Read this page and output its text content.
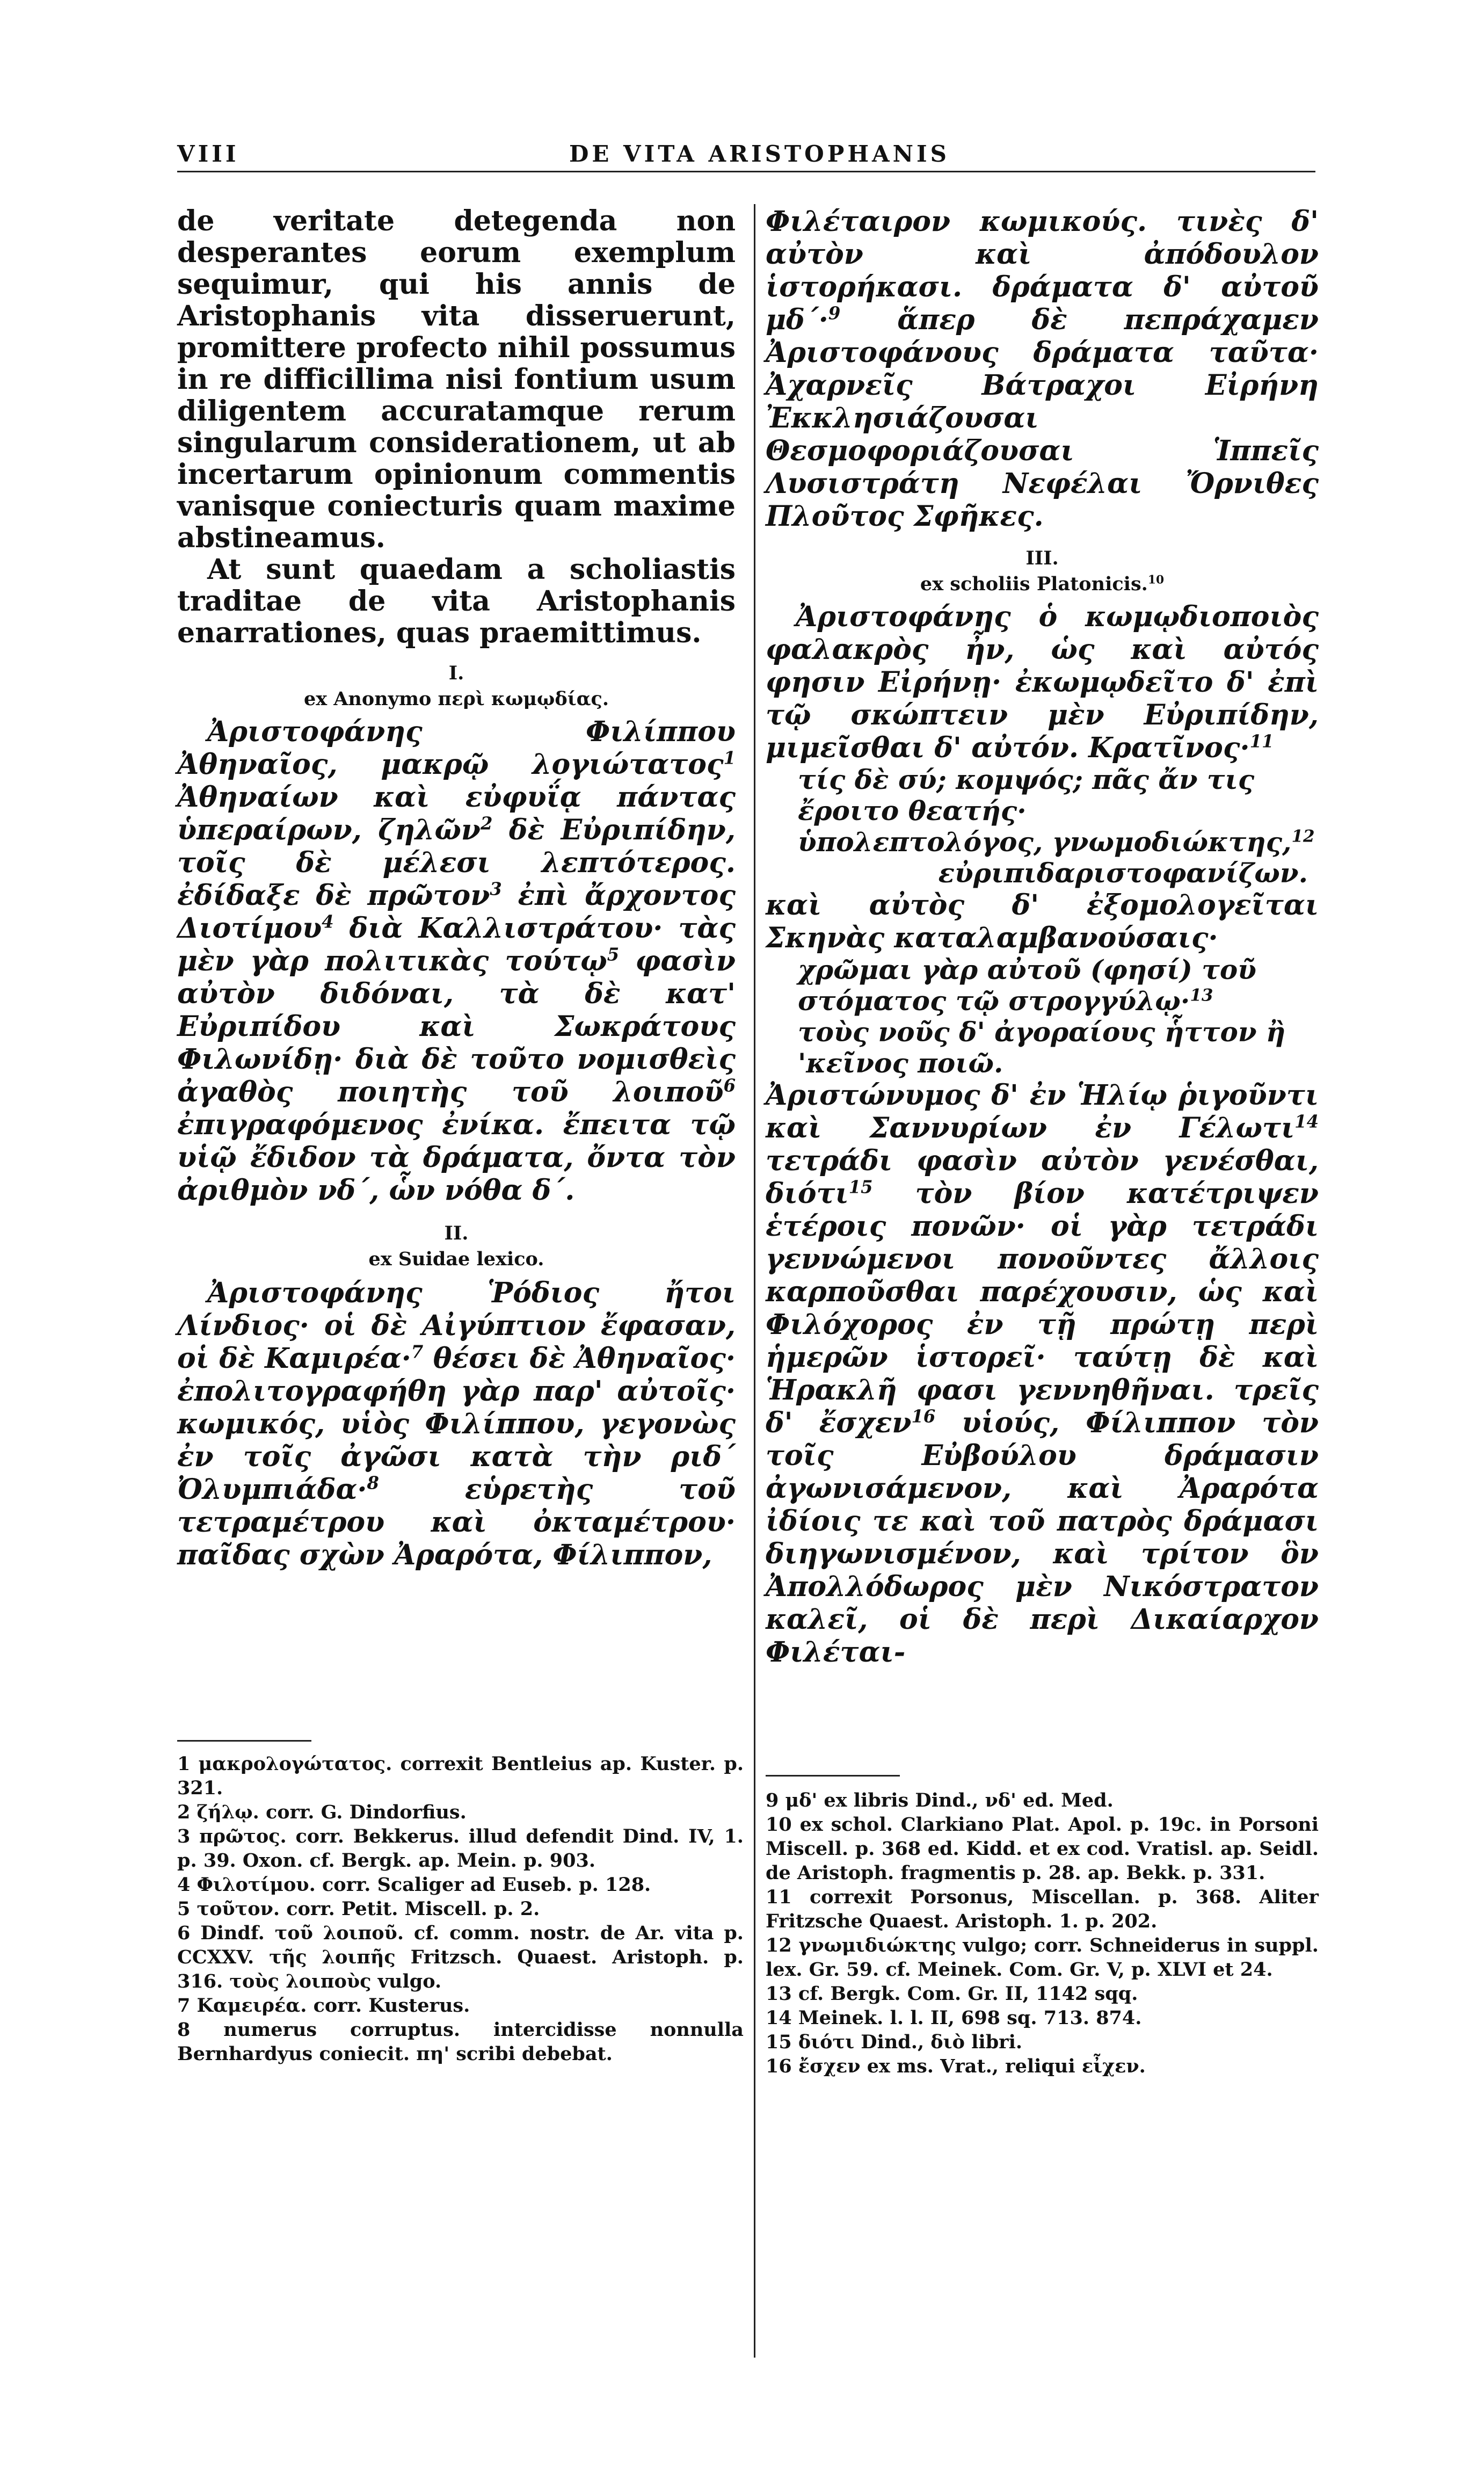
VIII	DE VITA ARISTOPHANIS

de veritate detegenda non desperantes eorum exemplum sequimur, qui his annis de Aristophanis vita disseruerunt, promittere profecto nihil possumus in re difficillima nisi fontium usum diligentem accuratamque rerum singularum considerationem, ut ab incertarum opinionum commentis vanisque coniecturis quam maxime abstineamus.

At sunt quaedam a scholiastis traditae de vita Aristophanis enarrationes, quas praemittimus.

I.

ex Anonymo περὶ κωμῳδίας.

Ἀριστοφάνης Φιλίππου Ἀθηναῖος, μακρῷ λογιώτατος$^1$ Ἀθηναίων καὶ εὐφυΐᾳ πάντας ὑπεραίρων, ζηλῶν$^2$ δὲ Εὐριπίδην, τοῖς δὲ μέλεσι λεπτότερος. ἐδίδαξε δὲ πρῶτον$^3$ ἐπὶ ἄρχοντος Διοτίμου$^4$ διὰ Καλλιστράτου· τὰς μὲν γὰρ πολιτικὰς τούτῳ$^5$ φασὶν αὐτὸν διδόναι, τὰ δὲ κατ' Εὐριπίδου καὶ Σωκράτους Φιλωνίδῃ· διὰ δὲ τοῦτο νομισθεὶς ἀγαθὸς ποιητὴς τοῦ λοιποῦ$^6$ ἐπιγραφόμενος ἐνίκα. ἔπειτα τῷ υἱῷ ἔδιδον τὰ δράματα, ὄντα τὸν ἀριθμὸν νδ΄, ὧν νόθα δ΄.

II.

ex Suidae lexico.

Ἀριστοφάνης Ῥόδιος ἤτοι Λίνδιος· οἱ δὲ Αἰγύπτιον ἔφασαν, οἱ δὲ Καμιρέα·$^7$ θέσει δὲ Ἀθηναῖος· ἐπολιτογραφήθη γὰρ παρ' αὐτοῖς· κωμικός, υἱὸς Φιλίππου, γεγονὼς ἐν τοῖς ἀγῶσι κατὰ τὴν ριδ΄ Ὀλυμπιάδα·$^8$ εὑρετὴς τοῦ τετραμέτρου καὶ ὀκταμέτρου· παῖδας σχὼν Ἀραρότα, Φίλιππον,

Φιλέταιρον κωμικούς. τινὲς δ' αὐτὸν καὶ ἀπόδουλον ἱστορήκασι. δράματα δ' αὐτοῦ μδ΄·$^9$ ἅπερ δὲ πεπράχαμεν Ἀριστοφάνους δράματα ταῦτα· Ἀχαρνεῖς Βάτραχοι Εἰρήνη Ἐκκλησιάζουσαι Θεσμοφοριάζουσαι Ἱππεῖς Λυσιστράτη Νεφέλαι Ὄρνιθες Πλοῦτος Σφῆκες.

III.

ex scholiis Platonicis.$^{10}$

Ἀριστοφάνης ὁ κωμῳδιοποιὸς φαλακρὸς ἦν, ὡς καὶ αὐτός φησιν Εἰρήνῃ· ἐκωμῳδεῖτο δ' ἐπὶ τῷ σκώπτειν μὲν Εὐριπίδην, μιμεῖσθαι δ' αὐτόν. Κρατῖνος·$^{11}$

τίς δὲ σύ; κομψός; πᾶς ἄν τις ἔροιτο θεατής·

ὑπολεπτολόγος, γνωμοδιώκτης,$^{12}$

εὐριπιδαριστοφανίζων.

καὶ αὐτὸς δ' ἐξομολογεῖται Σκηνὰς καταλαμβανούσαις·

χρῶμαι γὰρ αὐτοῦ (φησί) τοῦ στόματος τῷ στρογγύλῳ·$^{13}$

τοὺς νοῦς δ' ἀγοραίους ἧττον ἢ 'κεῖνος ποιῶ.

Ἀριστώνυμος δ' ἐν Ἡλίῳ ῥιγοῦντι καὶ Σαννυρίων ἐν Γέλωτι$^{14}$ τετράδι φασὶν αὐτὸν γενέσθαι, διότι$^{15}$ τὸν βίον κατέτριψεν ἑτέροις πονῶν· οἱ γὰρ τετράδι γεννώμενοι πονοῦντες ἄλλοις καρποῦσθαι παρέχουσιν, ὡς καὶ Φιλόχορος ἐν τῇ πρώτῃ περὶ ἡμερῶν ἱστορεῖ· ταύτῃ δὲ καὶ Ἡρακλῆ φασι γεννηθῆναι. τρεῖς δ' ἔσχεν$^{16}$ υἱούς, Φίλιππον τὸν τοῖς Εὐβούλου δράμασιν ἀγωνισάμενον, καὶ Ἀραρότα ἰδίοις τε καὶ τοῦ πατρὸς δράμασι διηγωνισμένον, καὶ τρίτον ὃν Ἀπολλόδωρος μὲν Νικόστρατον καλεῖ, οἱ δὲ περὶ Δικαίαρχον Φιλέται-

1 μακρολογώτατος. correxit Bentleius ap. Kuster. p. 321.

2 ζήλῳ. corr. G. Dindorfius.

3 πρῶτος. corr. Bekkerus. illud defendit Dind. IV, 1. p. 39. Oxon. cf. Bergk. ap. Mein. p. 903.

4 Φιλοτίμου. corr. Scaliger ad Euseb. p. 128.

5 τοῦτον. corr. Petit. Miscell. p. 2.

6 Dindf. τοῦ λοιποῦ. cf. comm. nostr. de Ar. vita p. CCXXV. τῆς λοιπῆς Fritzsch. Quaest. Aristoph. p. 316. τοὺς λοιποὺς vulgo.

7 Καμειρέα. corr. Kusterus.

8 numerus corruptus. intercidisse nonnulla Bernhardyus coniecit. πη' scribi debebat.

9 μδ' ex libris Dind., νδ' ed. Med.

10 ex schol. Clarkiano Plat. Apol. p. 19c. in Porsoni Miscell. p. 368 ed. Kidd. et ex cod. Vratisl. ap. Seidl. de Aristoph. fragmentis p. 28. ap. Bekk. p. 331.

11 correxit Porsonus, Miscellan. p. 368. Aliter Fritzsche Quaest. Aristoph. 1. p. 202.

12 γνωμιδιώκτης vulgo; corr. Schneiderus in suppl. lex. Gr. 59. cf. Meinek. Com. Gr. V, p. XLVI et 24.

13 cf. Bergk. Com. Gr. II, 1142 sqq.

14 Meinek. l. l. II, 698 sq. 713. 874.

15 διότι Dind., διὸ libri.

16 ἔσχεν ex ms. Vrat., reliqui εἶχεν.
